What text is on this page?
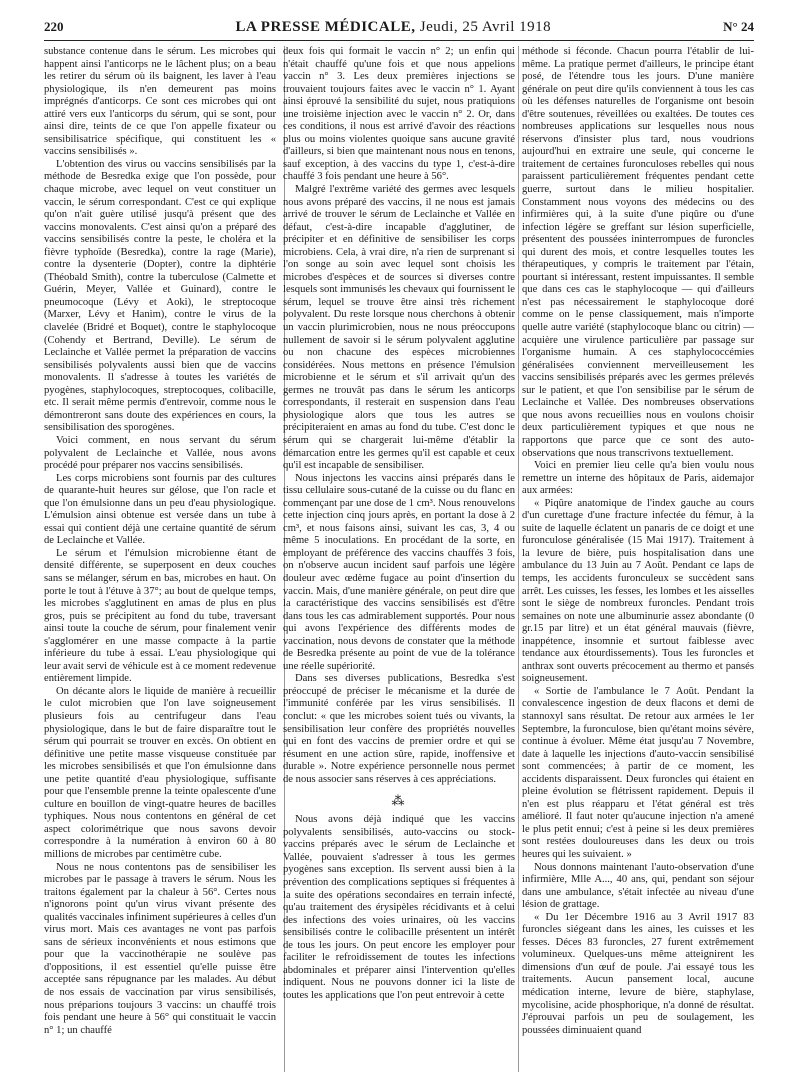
220	LA PRESSE MÉDICALE, Jeudi, 25 Avril 1918	N° 24

substance contenue dans le sérum. Les microbes qui happent ainsi l'anticorps ne le lâchent plus; on a beau les retirer du sérum où ils baignent, les laver à l'eau physiologique, ils n'en demeurent pas moins imprégnés d'anticorps. Ce sont ces microbes qui ont attiré vers eux l'anticorps du sérum, qui se sont, pour ainsi dire, teints de ce que l'on appelle fixateur ou sensibilisatrice spécifique, qui constituent les « vaccins sensibilisés ».

L'obtention des virus ou vaccins sensibilisés par la méthode de Besredka exige que l'on possède, pour chaque microbe, avec lequel on veut constituer un vaccin, le sérum correspondant. C'est ce qui explique qu'on n'ait guère utilisé jusqu'à présent que des vaccins monovalents. C'est ainsi qu'on a préparé des vaccins sensibilisés contre la peste, le choléra et la fièvre typhoïde (Besredka), contre la rage (Marie), contre la dysenterie (Dopter), contre la diphtérie (Théobald Smith), contre la tuberculose (Calmette et Guérin, Meyer, Vallée et Guinard), contre le pneumocoque (Lévy et Aoki), le streptocoque (Marxer, Lévy et Hanim), contre le virus de la clavelée (Bridré et Boquet), contre le staphylocoque (Cohendy et Bertrand, Deville). Le sérum de Leclainche et Vallée permet la préparation de vaccins sensibilisés polyvalents aussi bien que de vaccins monovalents. Il s'adresse à toutes les variétés de pyogènes, staphylocoques, streptocoques, colibacille, etc. Il serait même permis d'entrevoir, comme nous le démontreront sans doute des expériences en cours, la sensibilisation des sporogènes.

Voici comment, en nous servant du sérum polyvalent de Leclainche et Vallée, nous avons procédé pour préparer nos vaccins sensibilisés.

Les corps microbiens sont fournis par des cultures de quarante-huit heures sur gélose, que l'on racle et que l'on émulsionne dans un peu d'eau physiologique. L'émulsion ainsi obtenue est versée dans un tube à essai qui contient déjà une certaine quantité de sérum de Leclainche et Vallée.

Le sérum et l'émulsion microbienne étant de densité différente, se superposent en deux couches sans se mélanger, sérum en bas, microbes en haut. On porte le tout à l'étuve à 37°; au bout de quelque temps, les microbes s'agglutinent en amas de plus en plus gros, puis se précipitent au fond du tube, traversant ainsi toute la couche de sérum, pour finalement venir s'agglomérer en une masse compacte à la partie inférieure du tube à essai. L'eau physiologique qui leur avait servi de véhicule est à ce moment redevenue entièrement limpide.

On décante alors le liquide de manière à recueillir le culot microbien que l'on lave soigneusement plusieurs fois au centrifugeur dans l'eau physiologique, dans le but de faire disparaître tout le sérum qui pourrait se trouver en excès. On obtient en définitive une petite masse visqueuse constituée par les microbes sensibilisés et que l'on émulsionne dans une petite quantité d'eau physiologique, suffisante pour que l'ensemble prenne la teinte opalescente d'une culture en bouillon de vingt-quatre heures de bacilles typhiques. Nous nous contentons en général de cet aspect colorimétrique que nous savons devoir correspondre à la numération à environ 60 à 80 millions de microbes par centimètre cube.

Nous ne nous contentons pas de sensibiliser les microbes par le passage à travers le sérum. Nous les traitons également par la chaleur à 56°. Certes nous n'ignorons point qu'un virus vivant présente des qualités vaccinales infiniment supérieures à celles d'un virus mort. Mais ces avantages ne vont pas parfois sans de sérieux inconvénients et nous estimons que pour que la vaccinothérapie ne soulève pas d'oppositions, il est essentiel qu'elle puisse être acceptée sans répugnance par les malades. Au début de nos essais de vaccination par virus sensibilisés, nous préparions toujours 3 vaccins: un chauffé trois fois pendant une heure à 56° qui constituait le vaccin n° 1; un chauffé

deux fois qui formait le vaccin n° 2; un enfin qui n'était chauffé qu'une fois et que nous appelions vaccin n° 3. Les deux premières injections se trouvaient toujours faites avec le vaccin n° 1. Ayant ainsi éprouvé la sensibilité du sujet, nous pratiquions une troisième injection avec le vaccin n° 2. Or, dans ces conditions, il nous est arrivé d'avoir des réactions plus ou moins violentes quoique sans aucune gravité d'ailleurs, si bien que maintenant nous nous en tenons, sauf exception, à des vaccins du type 1, c'est-à-dire chauffé 3 fois pendant une heure à 56°.

Malgré l'extrême variété des germes avec lesquels nous avons préparé des vaccins, il ne nous est jamais arrivé de trouver le sérum de Leclainche et Vallée en défaut, c'est-à-dire incapable d'agglutiner, de précipiter et en définitive de sensibiliser les corps microbiens. Cela, à vrai dire, n'a rien de surprenant si l'on songe au soin avec lequel sont choisis les microbes d'espèces et de sources si diverses contre lesquels sont immunisés les chevaux qui fournissent le sérum, lequel se trouve être ainsi très richement polyvalent. Du reste lorsque nous cherchons à obtenir un vaccin plurimicrobien, nous ne nous préoccupons nullement de savoir si le sérum polyvalent agglutine ou non chacune des espèces microbiennes considérées. Nous mettons en présence l'émulsion microbienne et le sérum et s'il arrivait qu'un des germes ne trouvât pas dans le sérum les anticorps correspondants, il resterait en suspension dans l'eau physiologique alors que tous les autres se précipiteraient en amas au fond du tube. C'est donc le sérum qui se chargerait lui-même d'établir la démarcation entre les germes qu'il est capable et ceux qu'il est incapable de sensibiliser.

Nous injectons les vaccins ainsi préparés dans le tissu cellulaire sous-cutané de la cuisse ou du flanc en commençant par une dose de 1 cm³. Nous renouvelons cette injection cinq jours après, en portant la dose à 2 cm³, et nous faisons ainsi, suivant les cas, 3, 4 ou même 5 inoculations. En procédant de la sorte, en employant de préférence des vaccins chauffés 3 fois, on n'observe aucun incident sauf parfois une légère douleur avec œdème fugace au point d'insertion du vaccin. Mais, d'une manière générale, on peut dire que la caractéristique des vaccins sensibilisés est d'être dans tous les cas admirablement supportés. Pour nous qui avons l'expérience des différents modes de vaccination, nous devons de constater que la méthode de Besredka présente au point de vue de la tolérance une réelle supériorité.

Dans ses diverses publications, Besredka s'est préoccupé de préciser le mécanisme et la durée de l'immunité conférée par les virus sensibilisés. Il conclut: « que les microbes soient tués ou vivants, la sensibilisation leur confère des propriétés nouvelles qui en font des vaccins de premier ordre et qui se résument en une action sûre, rapide, inoffensive et durable ». Notre expérience personnelle nous permet de nous associer sans réserves à ces appréciations.

⁂

Nous avons déjà indiqué que les vaccins polyvalents sensibilisés, auto-vaccins ou stock-vaccins préparés avec le sérum de Leclainche et Vallée, pouvaient s'adresser à tous les germes pyogènes sans exception. Ils servent aussi bien à la prévention des complications septiques si fréquentes à la suite des opérations secondaires en terrain infecté, qu'au traitement des érysipèles récidivants et à celui des infections des voies urinaires, où les vaccins sensibilisés contre le colibacille présentent un intérêt de tous les jours. On peut encore les employer pour faciliter le refroidissement de toutes les infections abdominales et préparer ainsi l'intervention qu'elles indiquent. Nous ne pouvons donner ici la liste de toutes les applications que l'on peut entrevoir à cette

méthode si féconde. Chacun pourra l'établir de lui-même. La pratique permet d'ailleurs, le principe étant posé, de l'étendre tous les jours. D'une manière générale on peut dire qu'ils conviennent à tous les cas où les défenses naturelles de l'organisme ont besoin d'être soutenues, réveillées ou exaltées. De toutes ces nombreuses applications sur lesquelles nous nous réservons d'insister plus tard, nous voudrions aujourd'hui en extraire une seule, qui concerne le traitement de certaines furonculoses rebelles qui nous paraissent particulièrement fréquentes pendant cette guerre, surtout dans le milieu hospitalier. Constamment nous voyons des médecins ou des infirmières qui, à la suite d'une piqûre ou d'une infection légère se greffant sur lésion superficielle, présentent des poussées ininterrompues de furoncles qui durent des mois, et contre lesquelles toutes les thérapeutiques, y compris le traitement par l'étain, pourtant si intéressant, restent impuissantes. Il semble que dans ces cas le staphylocoque — qui d'ailleurs n'est pas nécessairement le staphylocoque doré comme on le pense classiquement, mais n'importe quelle autre variété (staphylocoque blanc ou citrin) — acquière une virulence particulière par passage sur l'organisme humain. A ces staphylococcémies généralisées conviennent merveilleusement les vaccins sensibilisés préparés avec les germes prélevés sur le patient, et que l'on sensibilise par le sérum de Leclainche et Vallée. Des nombreuses observations que nous avons recueillies nous en voulons choisir deux particulièrement typiques et que nous ne rapportons que parce que ce sont des auto-observations que nous transcrivons textuellement.

Voici en premier lieu celle qu'a bien voulu nous remettre un interne des hôpitaux de Paris, aidemajor aux armées:

« Piqûre anatomique de l'index gauche au cours d'un curettage d'une fracture infectée du fémur, à la suite de laquelle éclatent un panaris de ce doigt et une furonculose généralisée (15 Mai 1917). Traitement à la levure de bière, puis hospitalisation dans une ambulance du 13 Juin au 7 Août. Pendant ce laps de temps, les accidents furonculeux se succèdent sans arrêt. Les cuisses, les fesses, les lombes et les aisselles sont le siège de nombreux furoncles. Pendant trois semaines on note une albuminurie assez abondante (0 gr.15 par litre) et un état général mauvais (fièvre, inappétence, insomnie et surtout faiblesse avec tendance aux étourdissements). Tous les furoncles et anthrax sont ouverts précocement au thermo et pansés soigneusement.

« Sortie de l'ambulance le 7 Août. Pendant la convalescence ingestion de deux flacons et demi de stannoxyl sans résultat. De retour aux armées le 1er Septembre, la furonculose, bien qu'étant moins sévère, continue à évoluer. Même état jusqu'au 7 Novembre, date à laquelle les injections d'auto-vaccin sensibilisé sont commencées; à partir de ce moment, les accidents disparaissent. Deux furoncles qui étaient en pleine évolution se flétrissent rapidement. Depuis il n'en est plus réapparu et l'état général est très amélioré. Il faut noter qu'aucune injection n'a amené le plus petit ennui; c'est à peine si les deux premières sont restées douloureuses dans les deux ou trois heures qui les suivaient. »

Nous donnons maintenant l'auto-observation d'une infirmière, Mlle A..., 40 ans, qui, pendant son séjour dans une ambulance, s'était infectée au niveau d'une lésion de grattage.

« Du 1er Décembre 1916 au 3 Avril 1917 83 furoncles siégeant dans les aines, les cuisses et les fesses. Déces 83 furoncles, 27 furent extrêmement volumineux. Quelques-uns même atteignirent les dimensions d'un œuf de poule. J'ai essayé tous les traitements. Aucun pansement local, aucune médication interne, levure de bière, staphylase, mycolisine, acide phosphorique, n'a donné de résultat. J'éprouvai parfois un peu de soulagement, les poussées diminuaient quand
